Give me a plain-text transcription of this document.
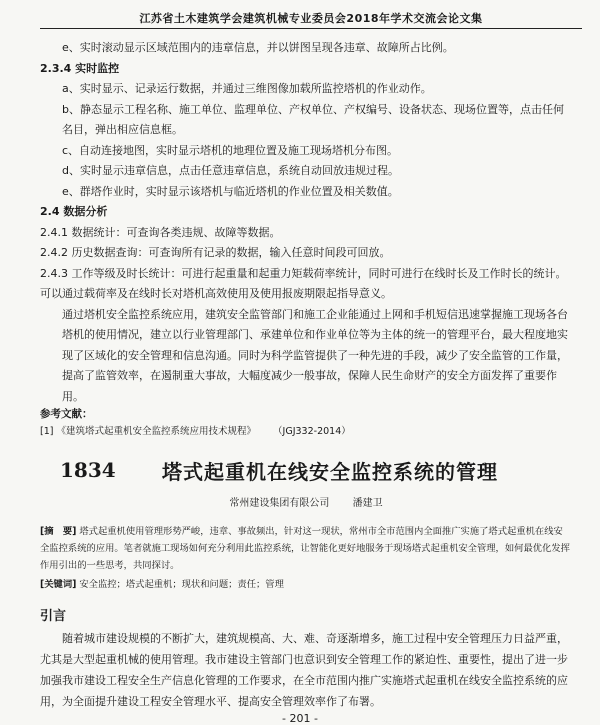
江苏省土木建筑学会建筑机械专业委员会2018年学术交流会论文集
e、实时滚动显示区域范围内的违章信息，并以饼图呈现各违章、故障所占比例。
2.3.4 实时监控
a、实时显示、记录运行数据，并通过三维图像加载所监控塔机的作业动作。
b、静态显示工程名称、施工单位、监理单位、产权单位、产权编号、设备状态、现场位置等，点击任何名目，弹出相应信息框。
c、自动连接地图，实时显示塔机的地理位置及施工现场塔机分布图。
d、实时显示违章信息，点击任意违章信息，系统自动回放违规过程。
e、群塔作业时，实时显示该塔机与临近塔机的作业位置及相关数值。
2.4 数据分析
2.4.1 数据统计：可查询各类违规、故障等数据。
2.4.2 历史数据查询：可查询所有记录的数据，输入任意时间段可回放。
2.4.3 工作等级及时长统计：可进行起重量和起重力矩载荷率统计，同时可进行在线时长及工作时长的统计。可以通过载荷率及在线时长对塔机高效使用及使用报废期限起指导意义。
通过塔机安全监控系统应用，建筑安全监管部门和施工企业能通过上网和手机短信迅速掌握施工现场各台塔机的使用情况，建立以行业管理部门、承建单位和作业单位等为主体的统一的管理平台，最大程度地实现了区域化的安全管理和信息沟通。同时为科学监管提供了一种先进的手段，减少了安全监管的工作量，提高了监管效率，在遏制重大事故，大幅度减少一般事故，保障人民生命财产的安全方面发挥了重要作用。
参考文献：
[1] 《建筑塔式起重机安全监控系统应用技术规程》 （JGJ332-2014）
1834 塔式起重机在线安全监控系统的管理
常州建设集团有限公司 潘建卫
[摘　要] 塔式起重机使用管理形势严峻，违章、事故频出，针对这一现状，常州市全市范围内全面推广实施了塔式起重机在线安全监控系统的应用。笔者就施工现场如何充分利用此监控系统，让智能化更好地服务于现场塔式起重机安全管理，如何最优化发挥作用引出的一些思考，共同探讨。
[关键词] 安全监控；塔式起重机；现状和问题；责任；管理
引言
随着城市建设规模的不断扩大，建筑规模高、大、难、奇逐渐增多，施工过程中安全管理压力日益严重，尤其是大型起重机械的使用管理。我市建设主管部门也意识到安全管理工作的紧迫性、重要性，提出了进一步加强我市建设工程安全生产信息化管理的工作要求，在全市范围内推广实施塔式起重机在线安全监控系统的应用，为全面提升建设工程安全管理水平、提高安全管理效率作了布署。
- 201 -
